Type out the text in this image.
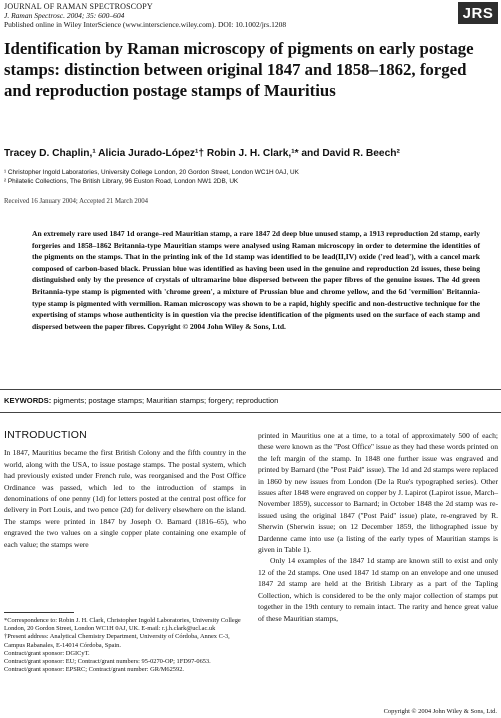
JOURNAL OF RAMAN SPECTROSCOPY
J. Raman Spectrosc. 2004; 35: 600–604
Published online in Wiley InterScience (www.interscience.wiley.com). DOI: 10.1002/jrs.1208
JRS
Identification by Raman microscopy of pigments on early postage stamps: distinction between original 1847 and 1858–1862, forged and reproduction postage stamps of Mauritius
Tracey D. Chaplin,¹ Alicia Jurado-López¹† Robin J. H. Clark,¹* and David R. Beech²
¹ Christopher Ingold Laboratories, University College London, 20 Gordon Street, London WC1H 0AJ, UK
² Philatelic Collections, The British Library, 96 Euston Road, London NW1 2DB, UK
Received 16 January 2004; Accepted 21 March 2004
An extremely rare used 1847 1d orange–red Mauritian stamp, a rare 1847 2d deep blue unused stamp, a 1913 reproduction 2d stamp, early forgeries and 1858–1862 Britannia-type Mauritian stamps were analysed using Raman microscopy in order to determine the identities of the pigments on the stamps. That in the printing ink of the 1d stamp was identified to be lead(II,IV) oxide ('red lead'), with a cancel mark composed of carbon-based black. Prussian blue was identified as having been used in the genuine and reproduction 2d issues, these being distinguished only by the presence of crystals of ultramarine blue dispersed between the paper fibres of the genuine issues. The 4d green Britannia-type stamp is pigmented with 'chrome green', a mixture of Prussian blue and chrome yellow, and the 6d 'vermilion' Britannia-type stamp is pigmented with vermilion. Raman microscopy was shown to be a rapid, highly specific and non-destructive technique for the expertising of stamps whose authenticity is in question via the precise identification of the pigments used on the surface of each stamp and dispersed between the paper fibres. Copyright © 2004 John Wiley & Sons, Ltd.
KEYWORDS: pigments; postage stamps; Mauritian stamps; forgery; reproduction
INTRODUCTION

In 1847, Mauritius became the first British Colony and the fifth country in the world, along with the USA, to issue postage stamps. The postal system, which had previously existed under French rule, was reorganised and the Post Office Ordinance was passed, which led to the introduction of stamps in denominations of one penny (1d) for letters posted at the central post office for delivery in Port Louis, and two pence (2d) for delivery elsewhere on the island. The stamps were printed in 1847 by Joseph O. Barnard (1816–65), who engraved the two values on a single copper plate containing one example of each value; the stamps were

printed in Mauritius one at a time, to a total of approximately 500 of each; these were known as the ''Post Office'' issue as they had these words printed on the left margin of the stamp. In 1848 one further issue was engraved and printed by Barnard (the ''Post Paid'' issue). The 1d and 2d stamps were replaced in 1860 by new issues from London (De la Rue's typographed series). Other issues after 1848 were engraved on copper by J. Lapirot (Lapirot issue, March–November 1859), successor to Barnard; in October 1848 the 2d stamp was re-issued using the original 1847 (''Post Paid'' issue) plate, re-engraved by R. Sherwin (Sherwin issue; on 12 December 1859, the lithographed issue by Dardenne came into use (a listing of the early types of Mauritian stamps is given in Table 1).

Only 14 examples of the 1847 1d stamp are known still to exist and only 12 of the 2d stamps. One used 1847 1d stamp on an envelope and one unused 1847 2d stamp are held at the British Library as a part of the Tapling Collection, which is considered to be the only major collection of stamps put together in the 19th century to remain intact. The rarity and hence great value of these Mauritian stamps,

*Correspondence to: Robin J. H. Clark, Christopher Ingold Laboratories, University College London, 20 Gordon Street, London WC1H 0AJ, UK. E-mail: r.j.h.clark@ucl.ac.uk

†Present address: Analytical Chemistry Department, University of Córdoba, Annex C-3, Campus Rabanales, E-14014 Córdoba, Spain.

Contract/grant sponsor: DGICyT.

Contract/grant sponsor: EU; Contract/grant numbers: 95-0270-OP; 1FD97-0653.

Contract/grant sponsor: EPSRC; Contract/grant number: GR/M62592.

Copyright © 2004 John Wiley & Sons, Ltd.
